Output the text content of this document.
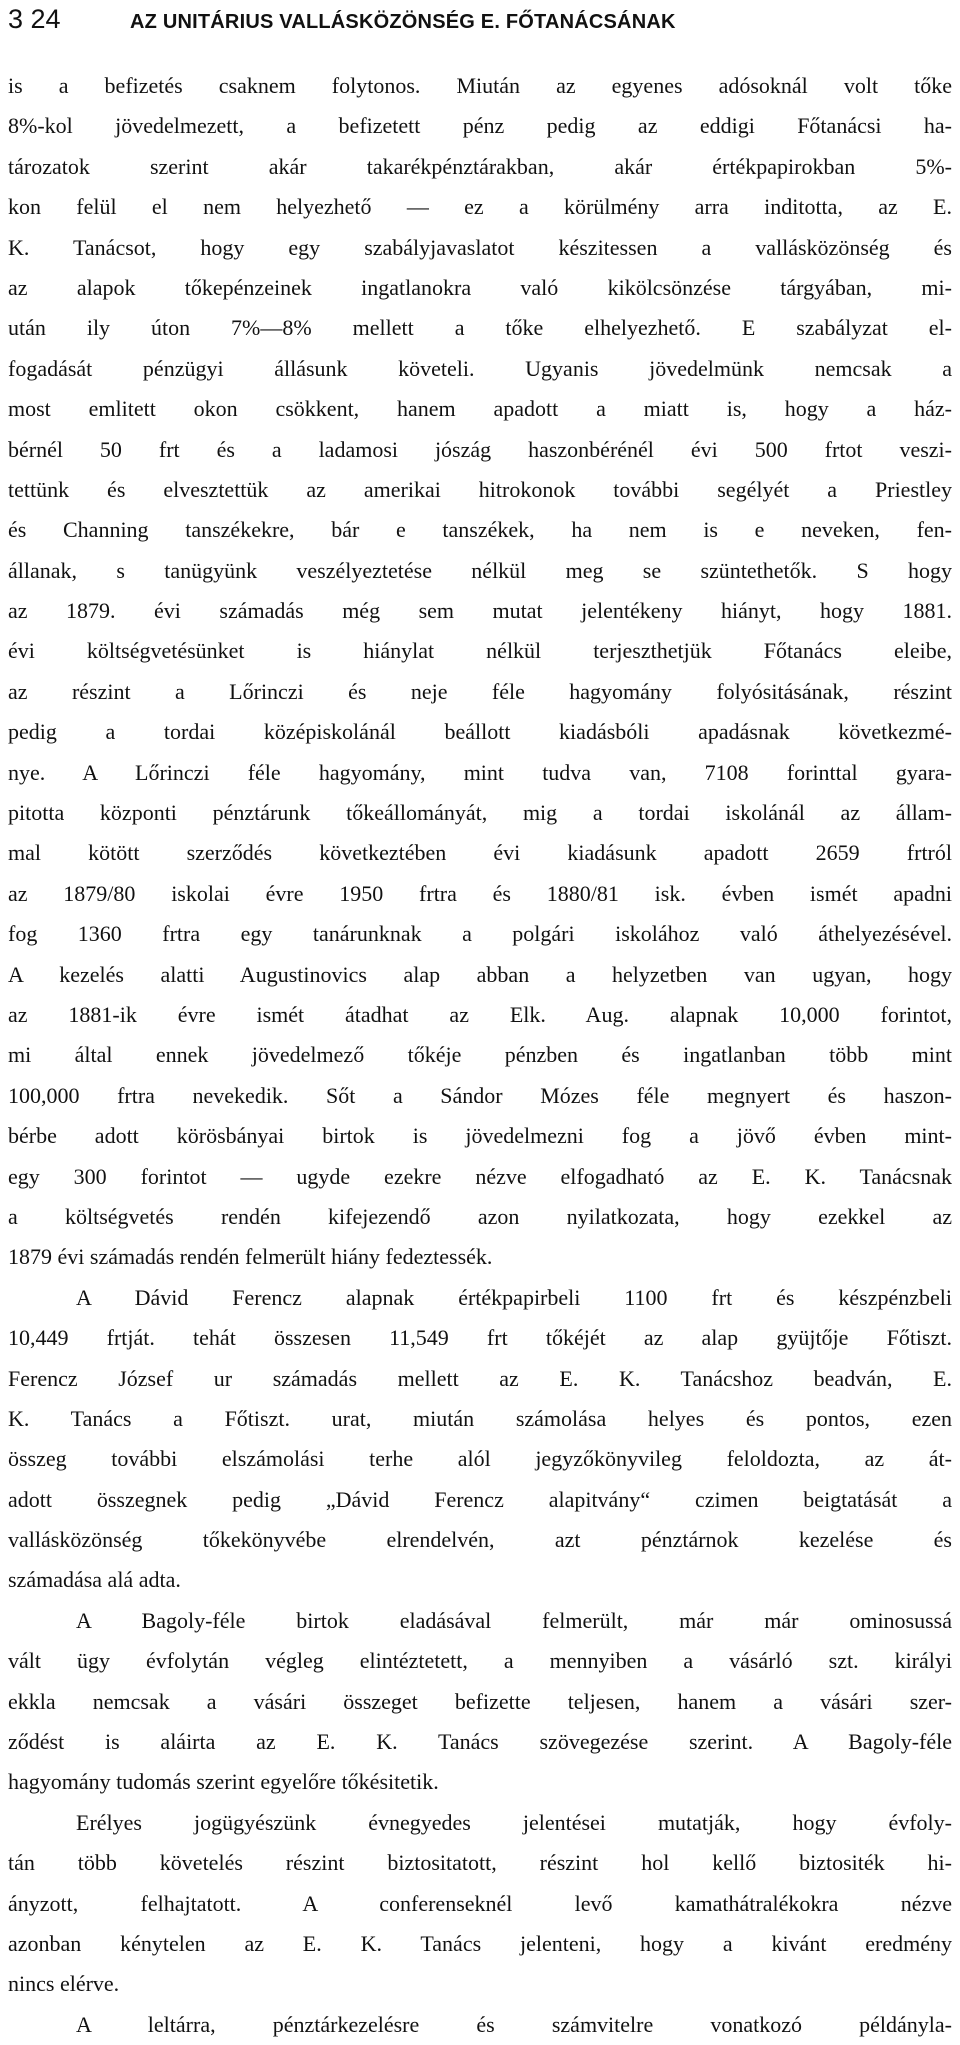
3 24	AZ UNITÁRIUS VALLÁSKÖZÖNSÉG E. FŐTANÁCSÁNAK
is a befizetés csaknem folytonos. Miután az egyenes adósoknál volt tőke
8%-kol jövedelmezett, a befizetett pénz pedig az eddigi Főtanácsi ha-
tározatok szerint akár takarékpénztárakban, akár értékpapirokban 5%-
kon felül el nem helyezhető — ez a körülmény arra inditotta, az E.
K. Tanácsot, hogy egy szabályjavaslatot készitessen a vallásközönség és
az alapok tőkepénzeinek ingatlanokra való kikölcsönzése tárgyában, mi-
után ily úton 7%—8% mellett a tőke elhelyezhető. E szabályzat el-
fogadását pénzügyi állásunk követeli. Ugyanis jövedelmünk nemcsak a
most emlitett okon csökkent, hanem apadott a miatt is, hogy a ház-
bérnél 50 frt és a ladamosi jószág haszonbérénél évi 500 frtot veszi-
tettünk és elvesztettük az amerikai hitrokonok további segélyét a Priestley
és Channing tanszékekre, bár e tanszékek, ha nem is e neveken, fen-
állanak, s tanügyünk veszélyeztetése nélkül meg se szüntethetők. S hogy
az 1879. évi számadás még sem mutat jelentékeny hiányt, hogy 1881.
évi költségvetésünket is hiánylat nélkül terjeszthetjük Főtanács eleibe,
az részint a Lőrinczi és neje féle hagyomány folyósitásának, részint
pedig a tordai középiskolánál beállott kiadásbóli apadásnak következmé-
nye. A Lőrinczi féle hagyomány, mint tudva van, 7108 forinttal gyara-
pitotta központi pénztárunk tőkeállományát, mig a tordai iskolánál az állam-
mal kötött szerződés következtében évi kiadásunk apadott 2659 frtról
az 1879/80 iskolai évre 1950 frtra és 1880/81 isk. évben ismét apadni
fog 1360 frtra egy tanárunknak a polgári iskolához való áthelyezésével.
A kezelés alatti Augustinovics alap abban a helyzetben van ugyan, hogy
az 1881-ik évre ismét átadhat az Elk. Aug. alapnak 10,000 forintot,
mi által ennek jövedelmező tőkéje pénzben és ingatlanban több mint
100,000 frtra nevekedik. Sőt a Sándor Mózes féle megnyert és haszon-
bérbe adott körösbányai birtok is jövedelmezni fog a jövő évben mint-
egy 300 forintot — ugyde ezekre nézve elfogadható az E. K. Tanácsnak
a költségvetés rendén kifejezendő azon nyilatkozata, hogy ezekkel az
1879 évi számadás rendén felmerült hiány fedeztessék.
A Dávid Ferencz alapnak értékpapirbeli 1100 frt és készpénzbeli
10,449 frtját. tehát összesen 11,549 frt tőkéjét az alap gyüjtője Főtiszt.
Ferencz József ur számadás mellett az E. K. Tanácshoz beadván, E.
K. Tanács a Főtiszt. urat, miután számolása helyes és pontos, ezen
összeg további elszámolási terhe alól jegyzőkönyvileg feloldozta, az át-
adott összegnek pedig „Dávid Ferencz alapitvány“ czimen beigtatását a
vallásközönség tőkekönyvébe elrendelvén, azt pénztárnok kezelése és
számadása alá adta.
A Bagoly-féle birtok eladásával felmerült, már már ominosussá
vált ügy évfolytán végleg elintéztetett, a mennyiben a vásárló szt. királyi
ekkla nemcsak a vásári összeget befizette teljesen, hanem a vásári szer-
ződést is aláirta az E. K. Tanács szövegezése szerint. A Bagoly-féle
hagyomány tudomás szerint egyelőre tőkésitetik.
Erélyes jogügyészünk évnegyedes jelentései mutatják, hogy évfoly-
tán több követelés részint biztositatott, részint hol kellő biztositék hi-
ányzott, felhajtatott. A conferenseknél levő kamathátralékokra nézve
azonban kénytelen az E. K. Tanács jelenteni, hogy a kivánt eredmény
nincs elérve.
A leltárra, pénztárkezelésre és számvitelre vonatkozó példányla-
